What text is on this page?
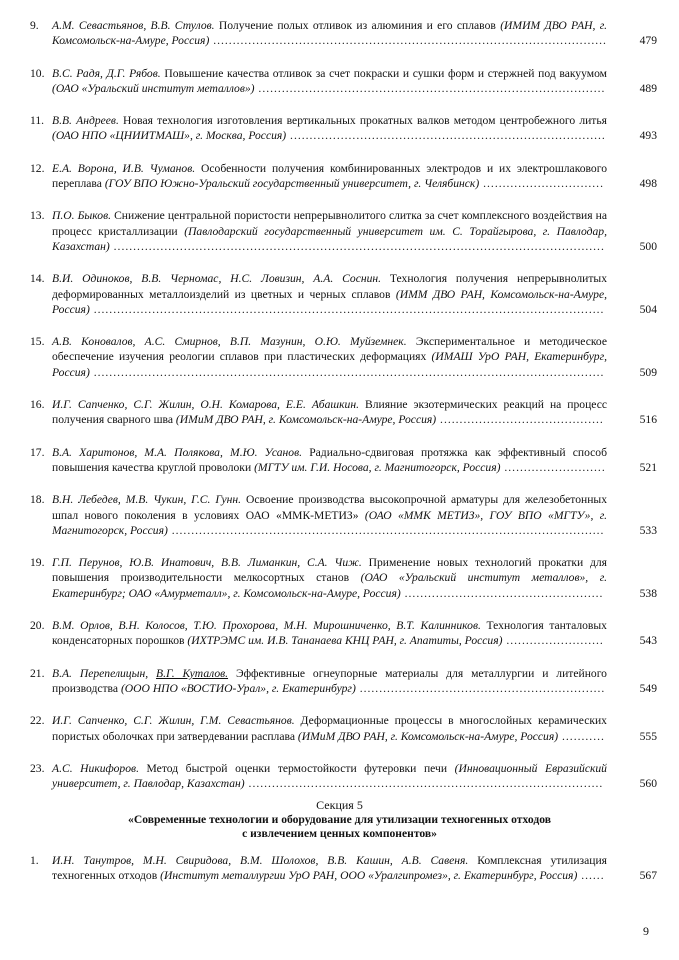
9. А.М. Севастьянов, В.В. Стулов. Получение полых отливок из алюминия и его сплавов (ИМИМ ДВО РАН, г. Комсомольск-на-Амуре, Россия) .....................................................................................................	479
10. В.С. Радя, Д.Г. Рябов. Повышение качества отливок за счет покраски и сушки форм и стержней под вакуумом (ОАО «Уральский институт металлов») .........................................................................................	489
11. В.В. Андреев. Новая технология изготовления вертикальных прокатных валков методом центробежного литья (ОАО НПО «ЦНИИТМАШ», г. Москва, Россия) .................................................................................	493
12. Е.А. Ворона, И.В. Чуманов. Особенности получения комбинированных электродов и их электрошлакового переплава (ГОУ ВПО Южно-Уральский государственный университет, г. Челябинск) ...............................	498
13. П.О. Быков. Снижение центральной пористости непрерывнолитого слитка за счет комплексного воздействия на процесс кристаллизации (Павлодарский государственный университет им. С. Торайгырова, г. Павлодар, Казахстан) ..............................................................................................................................	500
14. В.И. Одиноков, В.В. Черномас, Н.С. Ловизин, А.А. Соснин. Технология получения непрерывнолитых деформированных металлоизделий из цветных и черных сплавов (ИММ ДВО РАН, Комсомольск-на-Амуре, Россия) ...................................................................................................................................	504
15. А.В. Коновалов, А.С. Смирнов, В.П. Мазунин, О.Ю. Муйземнек. Экспериментальное и методическое обеспечение изучения реологии сплавов при пластических деформациях (ИМАШ УрО РАН, Екатеринбург, Россия) ...................................................................................................................................	509
16. И.Г. Сапченко, С.Г. Жилин, О.Н. Комарова, Е.Е. Абашкин. Влияние экзотермических реакций на процесс получения сварного шва (ИМиМ ДВО РАН, г. Комсомольск-на-Амуре, Россия) ..........................................	516
17. В.А. Харитонов, М.А. Полякова, М.Ю. Усанов. Радиально-сдвиговая протяжка как эффективный способ повышения качества круглой проволоки (МГТУ им. Г.И. Носова, г. Магнитогорск, Россия) ..........................	521
18. В.Н. Лебедев, М.В. Чукин, Г.С. Гунн. Освоение производства высокопрочной арматуры для железобетонных шпал нового поколения в условиях ОАО «ММК-МЕТИЗ» (ОАО «ММК МЕТИЗ», ГОУ ВПО «МГТУ», г. Магнитогорск, Россия) ...............................................................................................................	533
19. Г.П. Перунов, Ю.В. Инатович, В.В. Лиманкин, С.А. Чиж. Применение новых технологий прокатки для повышения производительности мелкосортных станов (ОАО «Уральский институт металлов», г. Екатеринбург; ОАО «Амурметалл», г. Комсомольск-на-Амуре, Россия) ...................................................	538
20. В.М. Орлов, В.Н. Колосов, Т.Ю. Прохорова, М.Н. Мирошниченко, В.Т. Калинников. Технология танталовых конденсаторных порошков (ИХТРЭМС им. И.В. Тананаева КНЦ РАН, г. Апатиты, Россия) .........................	543
21. В.А. Перепелицын, В.Г. Куталов. Эффективные огнеупорные материалы для металлургии и литейного производства (ООО НПО «ВОСТИО-Урал», г. Екатеринбург) ...............................................................	549
22. И.Г. Сапченко, С.Г. Жилин, Г.М. Севастьянов. Деформационные процессы в многослойных керамических пористых оболочках при затвердевании расплава (ИМиМ ДВО РАН, г. Комсомольск-на-Амуре, Россия) ...........	555
23. А.С. Никифоров. Метод быстрой оценки термостойкости футеровки печи (Инновационный Евразийский университет, г. Павлодар, Казахстан) ...........................................................................................	560
Секция 5
«Современные технологии и оборудование для утилизации техногенных отходов
с извлечением ценных компонентов»
1. И.Н. Танутров, М.Н. Свиридова, В.М. Шолохов, В.В. Кашин, А.В. Савеня. Комплексная утилизация техногенных отходов (Институт металлургии УрО РАН, ООО «Уралгипромез», г. Екатеринбург, Россия) ......	567
9
